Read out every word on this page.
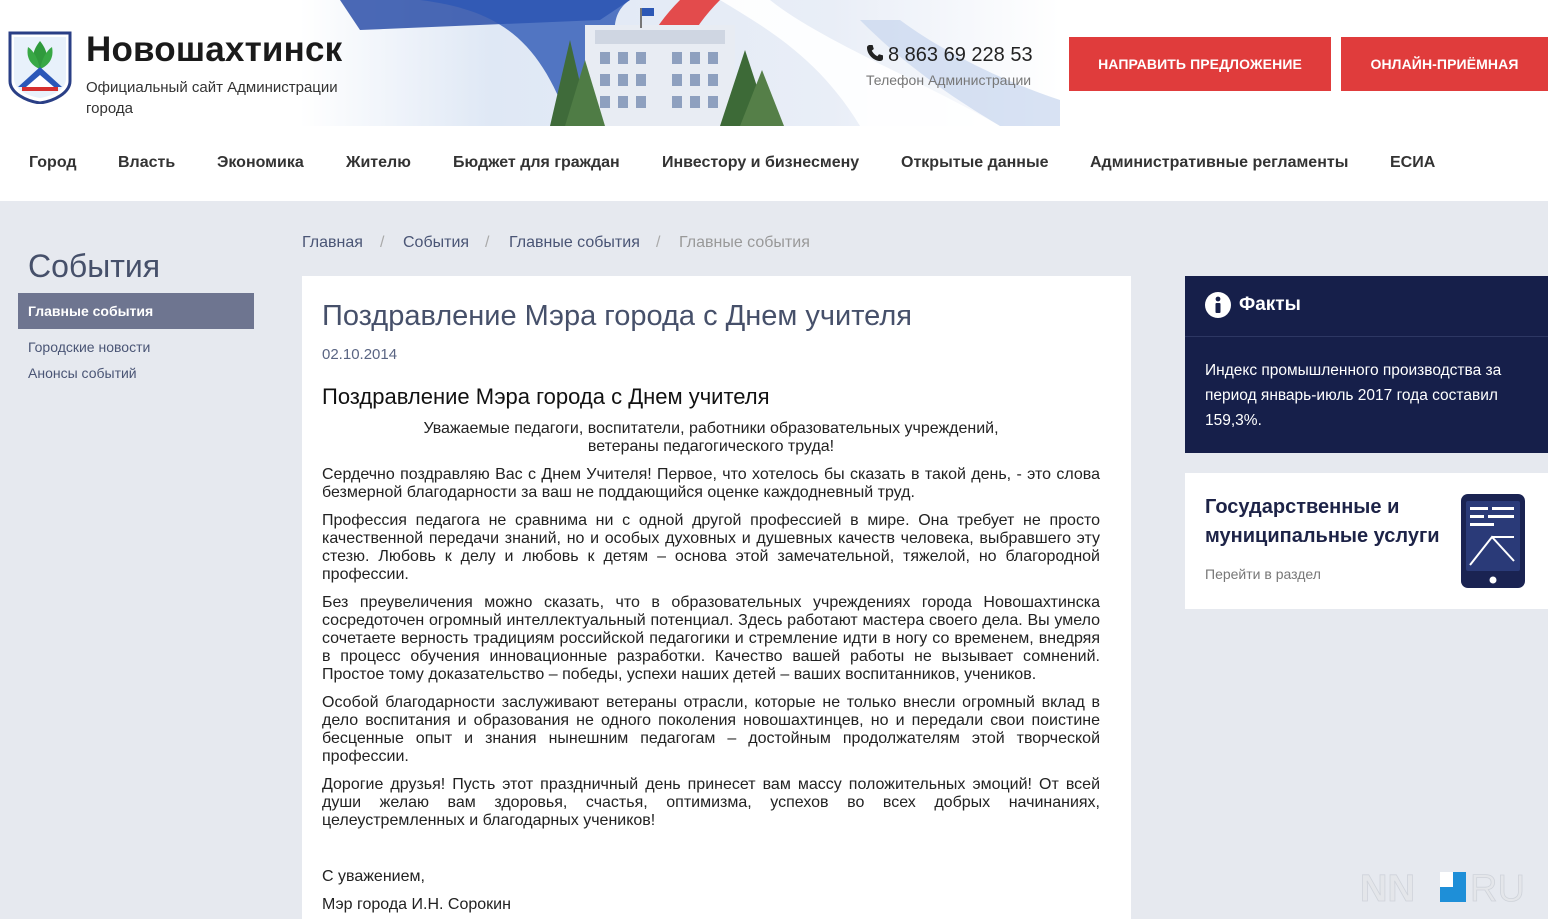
Новошахтинск
Официальный сайт Администрации города
8 863 69 228 53
Телефон Администрации
НАПРАВИТЬ ПРЕДЛОЖЕНИЕ	ОНЛАЙН-ПРИЁМНАЯ
Город	Власть	Экономика	Жителю	Бюджет для граждан	Инвестору и бизнесмену	Открытые данные	Административные регламенты	ЕСИА
События
Главные события
Городские новости
Анонсы событий
Главная / События / Главные события / Главные события
Поздравление Мэра города с Днем учителя
02.10.2014
Поздравление Мэра города с Днем учителя
Уважаемые педагоги, воспитатели, работники образовательных учреждений,
ветераны педагогического труда!

Сердечно поздравляю Вас с Днем Учителя! Первое, что хотелось бы сказать в такой день, - это слова безмерной благодарности за ваш не поддающийся оценке каждодневный труд.

Профессия педагога не сравнима ни с одной другой профессией в мире. Она требует не просто качественной передачи знаний, но и особых духовных и душевных качеств человека, выбравшего эту стезю. Любовь к делу и любовь к детям – основа этой замечательной, тяжелой, но благородной профессии.

Без преувеличения можно сказать, что в образовательных учреждениях города Новошахтинска сосредоточен огромный интеллектуальный потенциал. Здесь работают мастера своего дела. Вы умело сочетаете верность традициям российской педагогики и стремление идти в ногу со временем, внедряя в процесс обучения инновационные разработки. Качество вашей работы не вызывает сомнений. Простое тому доказательство – победы, успехи наших детей – ваших воспитанников, учеников.

Особой благодарности заслуживают ветераны отрасли, которые не только внесли огромный вклад в дело воспитания и образования не одного поколения новошахтинцев, но и передали свои поистине бесценные опыт и знания нынешним педагогам – достойным продолжателям этой творческой профессии.

Дорогие друзья! Пусть этот праздничный день принесет вам массу положительных эмоций! От всей души желаю вам здоровья, счастья, оптимизма, успехов во всех добрых начинаниях, целеустремленных и благодарных учеников!

С уважением,
Мэр города И.Н. Сорокин
Факты
Индекс промышленного производства за период январь-июль 2017 года составил 159,3%.
Государственные и муниципальные услуги
Перейти в раздел
NN RU
